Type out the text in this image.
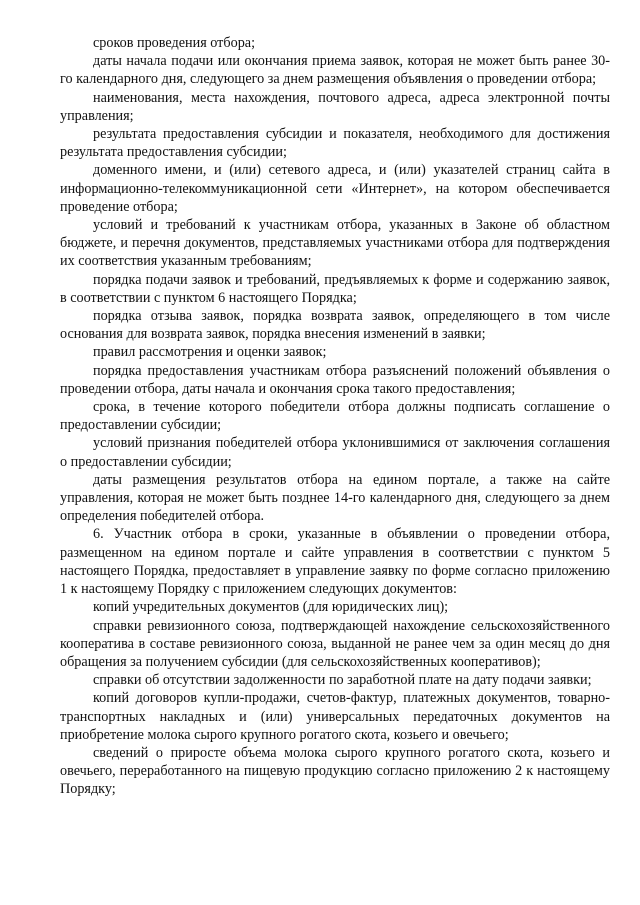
сроков проведения отбора;

даты начала подачи или окончания приема заявок, которая не может быть ранее 30-го календарного дня, следующего за днем размещения объявления о проведении отбора;

наименования, места нахождения, почтового адреса, адреса электронной почты управления;

результата предоставления субсидии и показателя, необходимого для достижения результата предоставления субсидии;

доменного имени, и (или) сетевого адреса, и (или) указателей страниц сайта в информационно-телекоммуникационной сети «Интернет», на котором обеспечивается проведение отбора;

условий и требований к участникам отбора, указанных в Законе об областном бюджете, и перечня документов, представляемых участниками отбора для подтверждения их соответствия указанным требованиям;

порядка подачи заявок и требований, предъявляемых к форме и содержанию заявок, в соответствии с пунктом 6 настоящего Порядка;

порядка отзыва заявок, порядка возврата заявок, определяющего в том числе основания для возврата заявок, порядка внесения изменений в заявки;

правил рассмотрения и оценки заявок;

порядка предоставления участникам отбора разъяснений положений объявления о проведении отбора, даты начала и окончания срока такого предоставления;

срока, в течение которого победители отбора должны подписать соглашение о предоставлении субсидии;

условий признания победителей отбора уклонившимися от заключения соглашения о предоставлении субсидии;

даты размещения результатов отбора на едином портале, а также на сайте управления, которая не может быть позднее 14-го календарного дня, следующего за днем определения победителей отбора.

6. Участник отбора в сроки, указанные в объявлении о проведении отбора, размещенном на едином портале и сайте управления в соответствии с пунктом 5 настоящего Порядка, предоставляет в управление заявку по форме согласно приложению 1 к настоящему Порядку с приложением следующих документов:

копий учредительных документов (для юридических лиц);

справки ревизионного союза, подтверждающей нахождение сельскохозяйственного кооператива в составе ревизионного союза, выданной не ранее чем за один месяц до дня обращения за получением субсидии (для сельскохозяйственных кооперативов);

справки об отсутствии задолженности по заработной плате на дату подачи заявки;

копий договоров купли-продажи, счетов-фактур, платежных документов, товарно-транспортных накладных и (или) универсальных передаточных документов на приобретение молока сырого крупного рогатого скота, козьего и овечьего;

сведений о приросте объема молока сырого крупного рогатого скота, козьего и овечьего, переработанного на пищевую продукцию согласно приложению 2 к настоящему Порядку;
